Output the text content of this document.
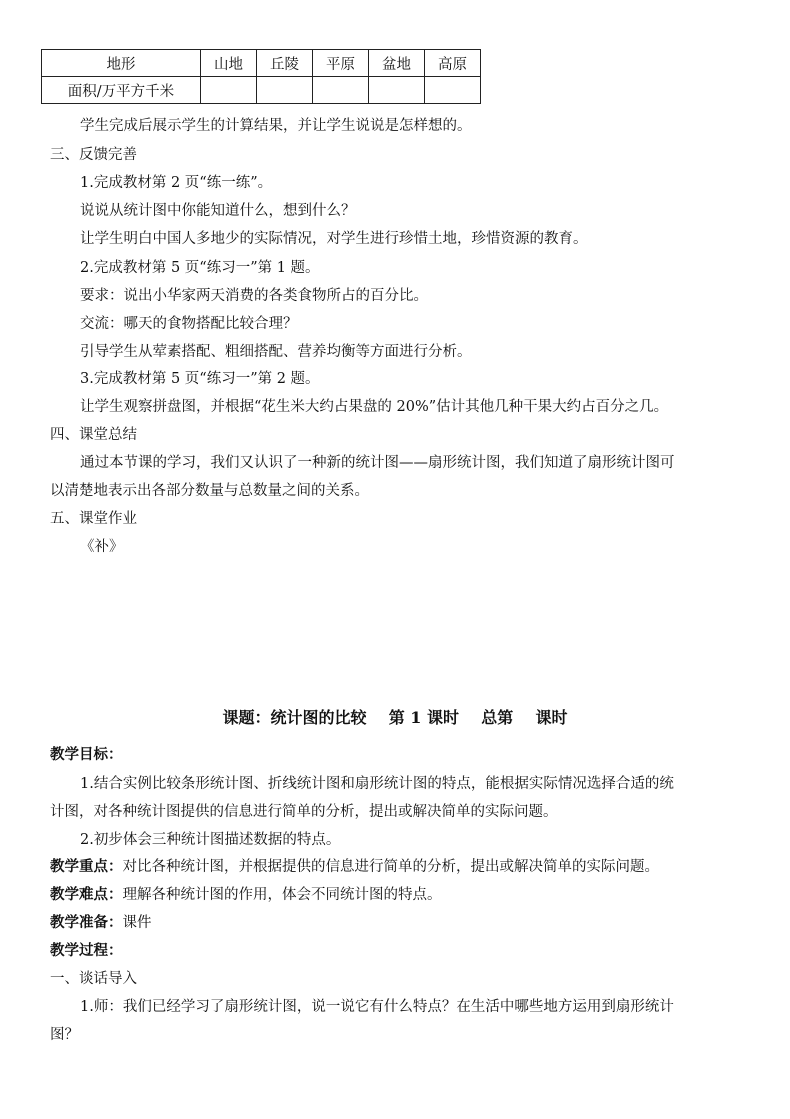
地形	山地	丘陵	平原	盆地	高原
面积/万平方千米					
学生完成后展示学生的计算结果，并让学生说说是怎样想的。
三、反馈完善
1.完成教材第 2 页“练一练”。
说说从统计图中你能知道什么，想到什么？
让学生明白中国人多地少的实际情况，对学生进行珍惜土地，珍惜资源的教育。
2.完成教材第 5 页“练习一”第 1 题。
要求：说出小华家两天消费的各类食物所占的百分比。
交流：哪天的食物搭配比较合理？
引导学生从荤素搭配、粗细搭配、营养均衡等方面进行分析。
3.完成教材第 5 页“练习一”第 2 题。
让学生观察拼盘图，并根据“花生米大约占果盘的 20%”估计其他几种干果大约占百分之几。
四、课堂总结
通过本节课的学习，我们又认识了一种新的统计图——扇形统计图，我们知道了扇形统计图可
以清楚地表示出各部分数量与总数量之间的关系。
五、课堂作业
《补》
课题：统计图的比较    第 1 课时    总第    课时
教学目标：
1.结合实例比较条形统计图、折线统计图和扇形统计图的特点，能根据实际情况选择合适的统
计图，对各种统计图提供的信息进行简单的分析，提出或解决简单的实际问题。
2.初步体会三种统计图描述数据的特点。
教学重点：对比各种统计图，并根据提供的信息进行简单的分析，提出或解决简单的实际问题。
教学难点：理解各种统计图的作用，体会不同统计图的特点。
教学准备：课件
教学过程：
一、谈话导入
1.师：我们已经学习了扇形统计图，说一说它有什么特点？在生活中哪些地方运用到扇形统计
图？
